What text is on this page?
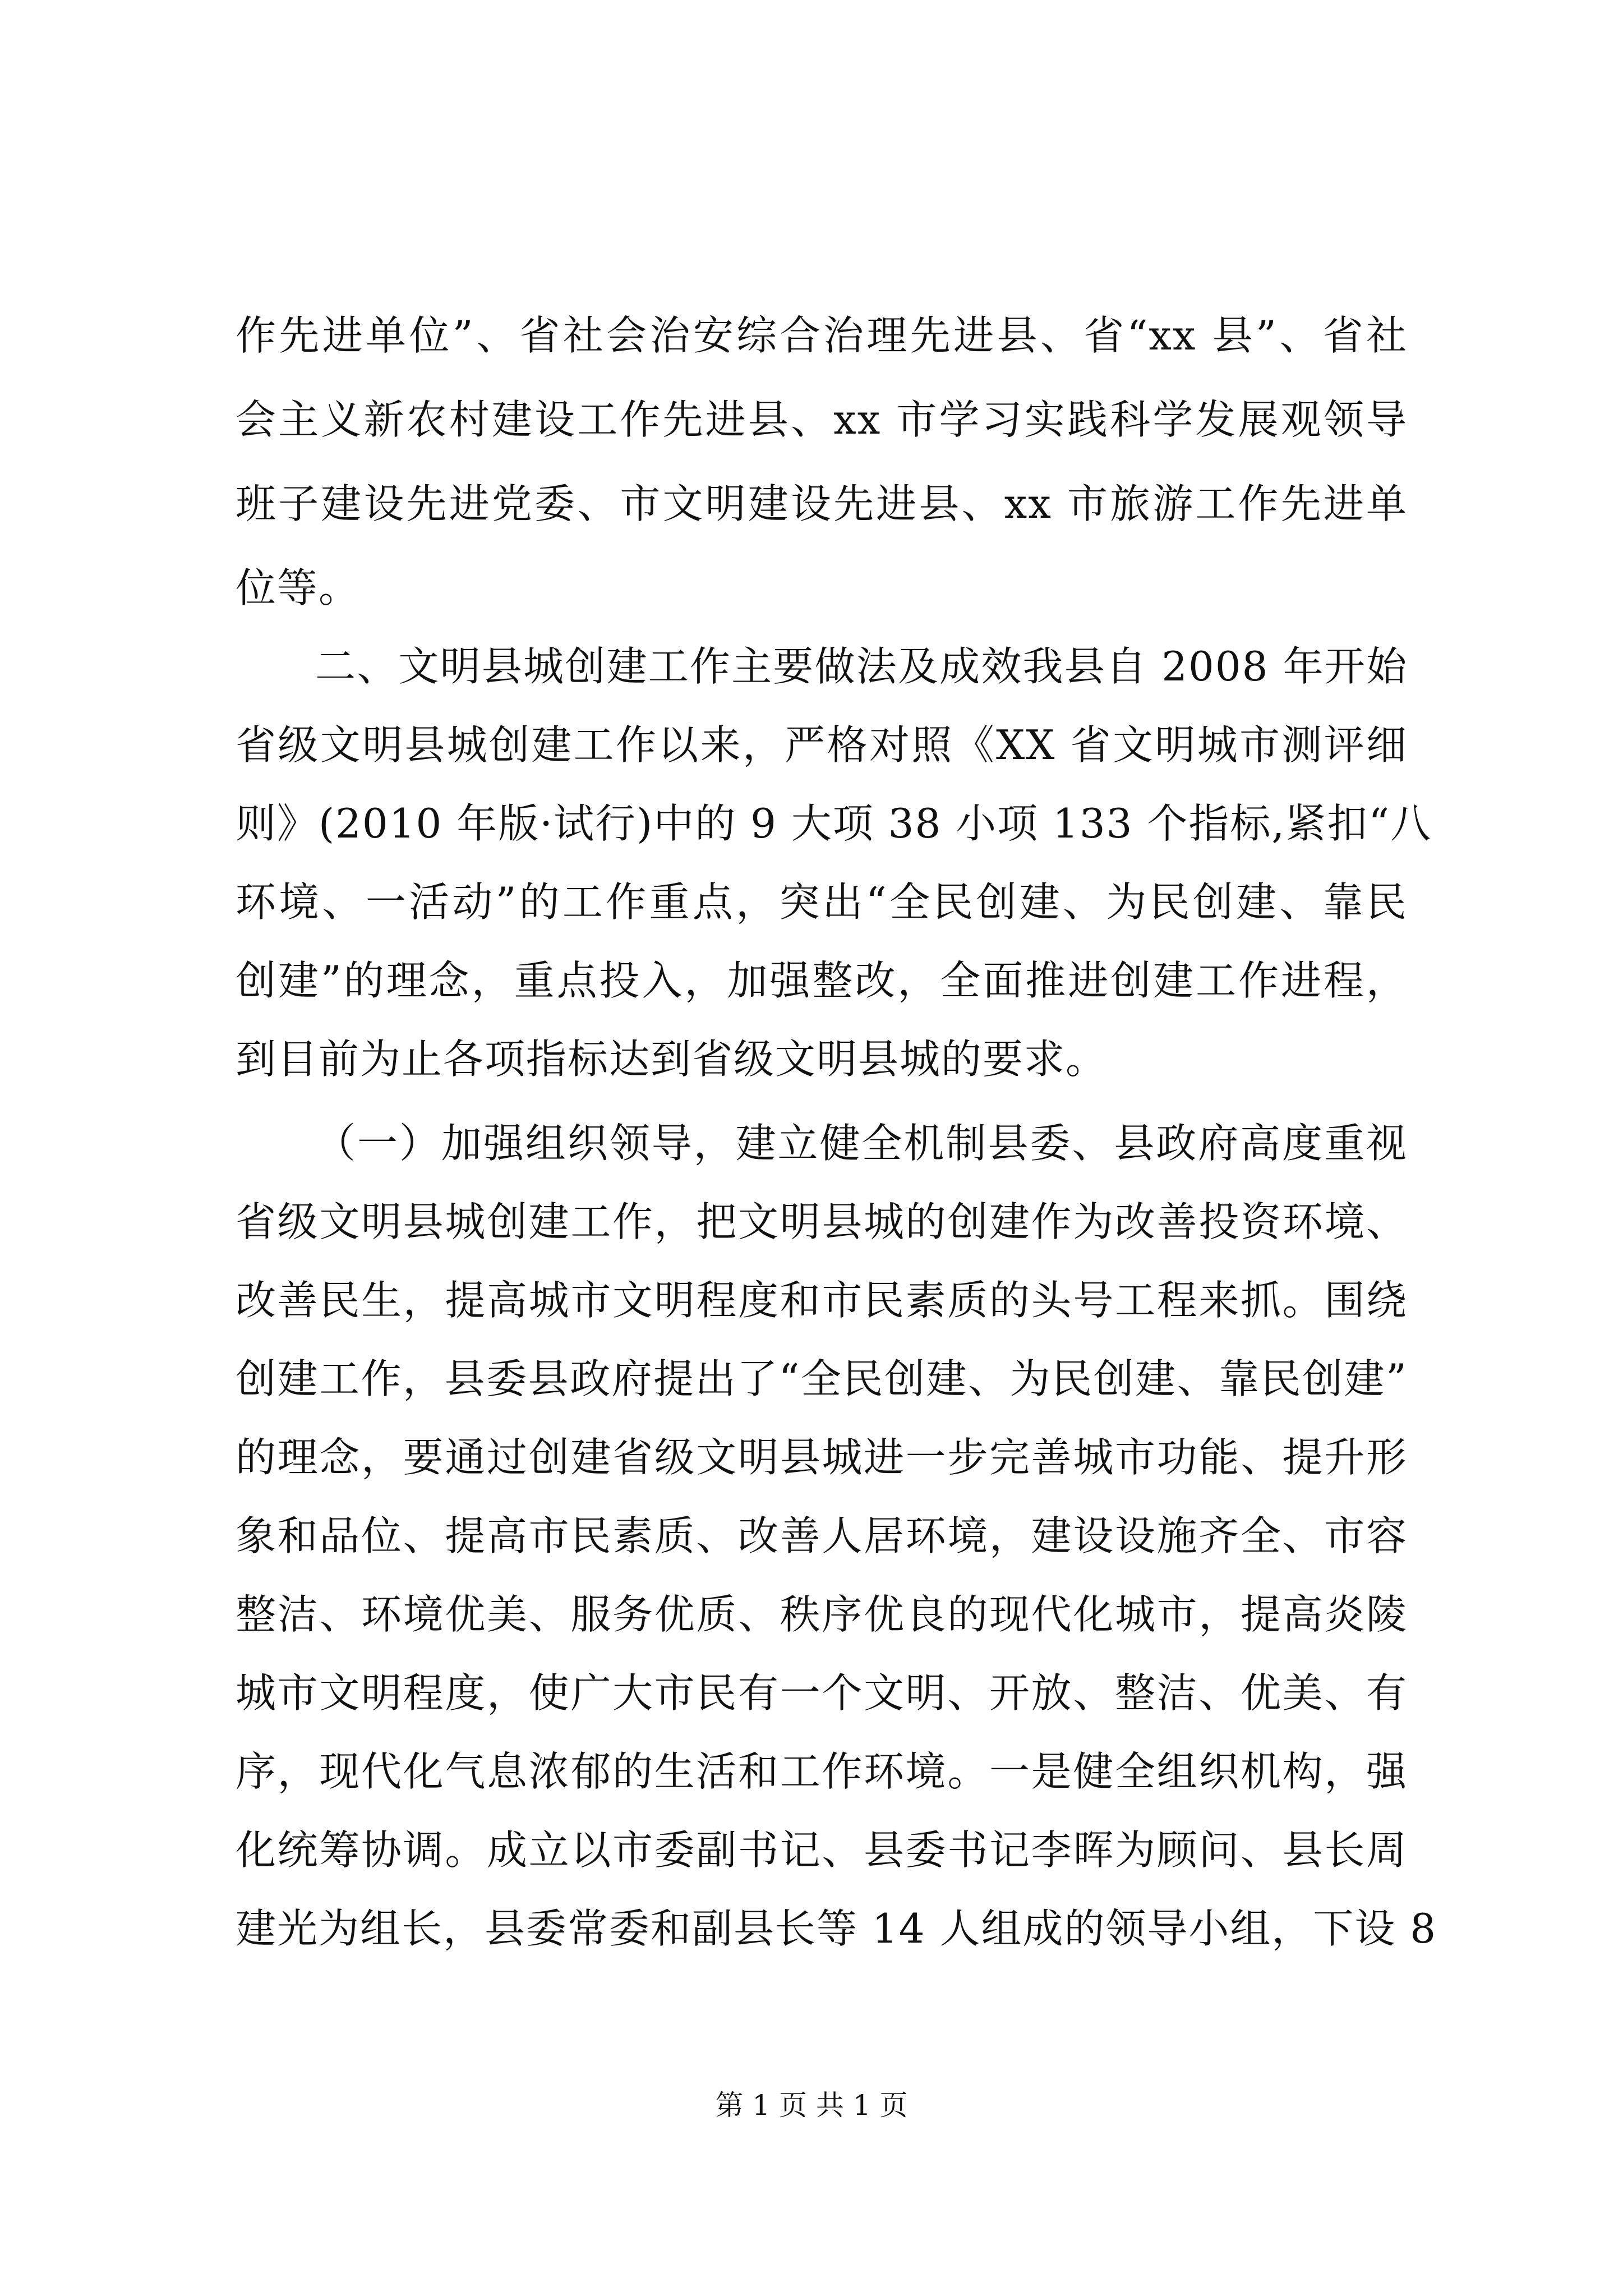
作先进单位”、省社会治安综合治理先进县、省“xx 县”、省社
会主义新农村建设工作先进县、xx 市学习实践科学发展观领导
班子建设先进党委、市文明建设先进县、xx 市旅游工作先进单
位等。
二、文明县城创建工作主要做法及成效我县自 2008 年开始
省级文明县城创建工作以来，严格对照《XX 省文明城市测评细
则》(2010 年版·试行)中的 9 大项 38 小项 133 个指标,紧扣“八
环境、一活动”的工作重点，突出“全民创建、为民创建、靠民
创建”的理念，重点投入，加强整改，全面推进创建工作进程，
到目前为止各项指标达到省级文明县城的要求。
（一）加强组织领导，建立健全机制县委、县政府高度重视
省级文明县城创建工作，把文明县城的创建作为改善投资环境、
改善民生，提高城市文明程度和市民素质的头号工程来抓。围绕
创建工作，县委县政府提出了“全民创建、为民创建、靠民创建”
的理念，要通过创建省级文明县城进一步完善城市功能、提升形
象和品位、提高市民素质、改善人居环境，建设设施齐全、市容
整洁、环境优美、服务优质、秩序优良的现代化城市，提高炎陵
城市文明程度，使广大市民有一个文明、开放、整洁、优美、有
序，现代化气息浓郁的生活和工作环境。一是健全组织机构，强
化统筹协调。成立以市委副书记、县委书记李晖为顾问、县长周
建光为组长，县委常委和副县长等 14 人组成的领导小组，下设 8
第 1 页 共 1 页
